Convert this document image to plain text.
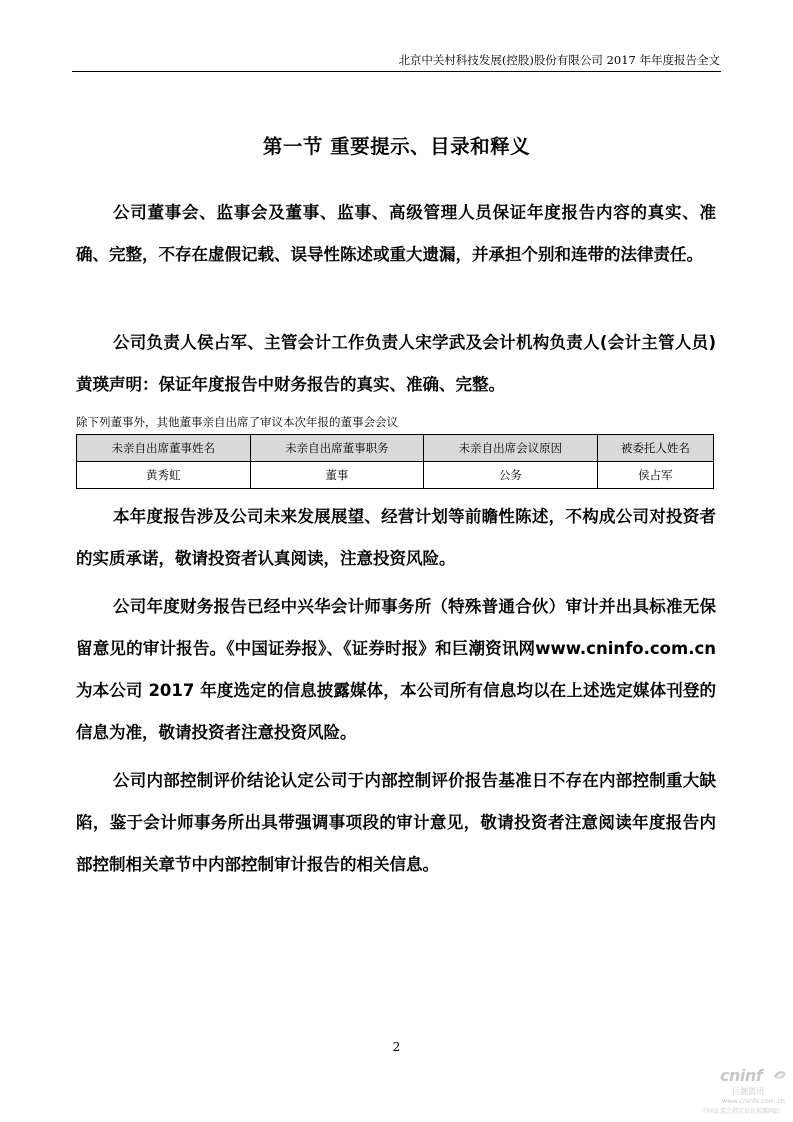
北京中关村科技发展(控股)股份有限公司 2017 年年度报告全文
第一节 重要提示、目录和释义

公司董事会、监事会及董事、监事、高级管理人员保证年度报告内容的真实、准确、完整，不存在虚假记载、误导性陈述或重大遗漏，并承担个别和连带的法律责任。

公司负责人侯占军、主管会计工作负责人宋学武及会计机构负责人(会计主管人员)黄瑛声明：保证年度报告中财务报告的真实、准确、完整。

除下列董事外，其他董事亲自出席了审议本次年报的董事会会议
未亲自出席董事姓名	未亲自出席董事职务	未亲自出席会议原因	被委托人姓名
黄秀虹	董事	公务	侯占军

本年度报告涉及公司未来发展展望、经营计划等前瞻性陈述，不构成公司对投资者的实质承诺，敬请投资者认真阅读，注意投资风险。

公司年度财务报告已经中兴华会计师事务所（特殊普通合伙）审计并出具标准无保留意见的审计报告。《中国证券报》、《证券时报》和巨潮资讯网www.cninfo.com.cn 为本公司 2017 年度选定的信息披露媒体，本公司所有信息均以在上述选定媒体刊登的信息为准，敬请投资者注意投资风险。

公司内部控制评价结论认定公司于内部控制评价报告基准日不存在内部控制重大缺陷，鉴于会计师事务所出具带强调事项段的审计意见，敬请投资者注意阅读年度报告内部控制相关章节中内部控制审计报告的相关信息。

2
cninf
巨潮资讯
www.cninfo.com.cn
中国证监会指定信息披露网站
